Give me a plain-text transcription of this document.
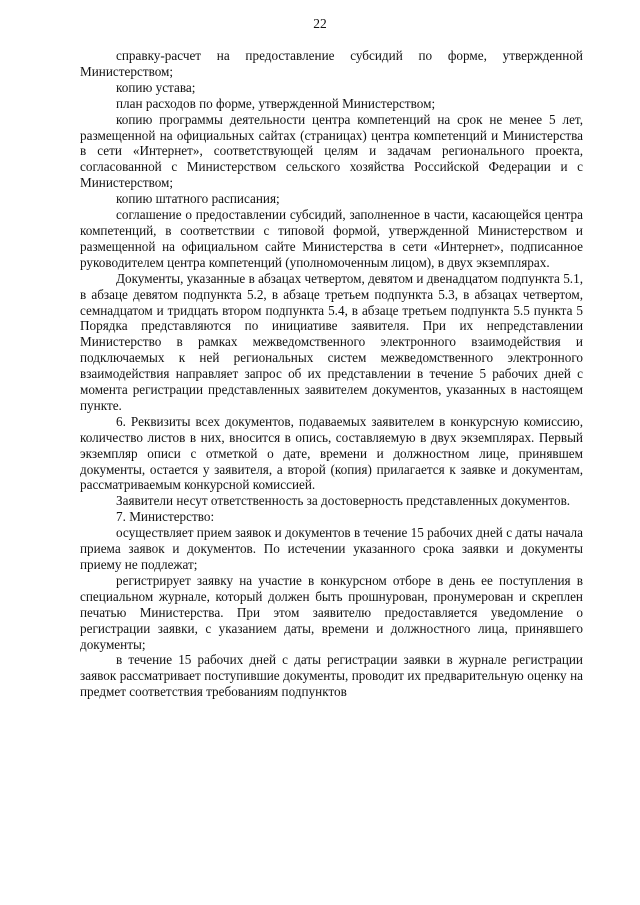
22

справку-расчет на предоставление субсидий по форме, утвержденной Министерством;

копию устава;

план расходов по форме, утвержденной Министерством;

копию программы деятельности центра компетенций на срок не менее 5 лет, размещенной на официальных сайтах (страницах) центра компетенций и Министерства в сети «Интернет», соответствующей целям и задачам регионального проекта, согласованной с Министерством сельского хозяйства Российской Федерации и с Министерством;

копию штатного расписания;

соглашение о предоставлении субсидий, заполненное в части, касающейся центра компетенций, в соответствии с типовой формой, утвержденной Министерством и размещенной на официальном сайте Министерства в сети «Интернет», подписанное руководителем центра компетенций (уполномоченным лицом), в двух экземплярах.

Документы, указанные в абзацах четвертом, девятом и двенадцатом подпункта 5.1, в абзаце девятом подпункта 5.2, в абзаце третьем подпункта 5.3, в абзацах четвертом, семнадцатом и тридцать втором подпункта 5.4, в абзаце третьем подпункта 5.5 пункта 5 Порядка представляются по инициативе заявителя. При их непредставлении Министерство в рамках межведомственного электронного взаимодействия и подключаемых к ней региональных систем межведомственного электронного взаимодействия направляет запрос об их представлении в течение 5 рабочих дней с момента регистрации представленных заявителем документов, указанных в настоящем пункте.

6. Реквизиты всех документов, подаваемых заявителем в конкурсную комиссию, количество листов в них, вносится в опись, составляемую в двух экземплярах. Первый экземпляр описи с отметкой о дате, времени и должностном лице, принявшем документы, остается у заявителя, а второй (копия) прилагается к заявке и документам, рассматриваемым конкурсной комиссией.

Заявители несут ответственность за достоверность представленных документов.

7. Министерство:

осуществляет прием заявок и документов в течение 15 рабочих дней с даты начала приема заявок и документов. По истечении указанного срока заявки и документы приему не подлежат;

регистрирует заявку на участие в конкурсном отборе в день ее поступления в специальном журнале, который должен быть прошнурован, пронумерован и скреплен печатью Министерства. При этом заявителю предоставляется уведомление о регистрации заявки, с указанием даты, времени и должностного лица, принявшего документы;

в течение 15 рабочих дней с даты регистрации заявки в журнале регистрации заявок рассматривает поступившие документы, проводит их предварительную оценку на предмет соответствия требованиям подпунктов
